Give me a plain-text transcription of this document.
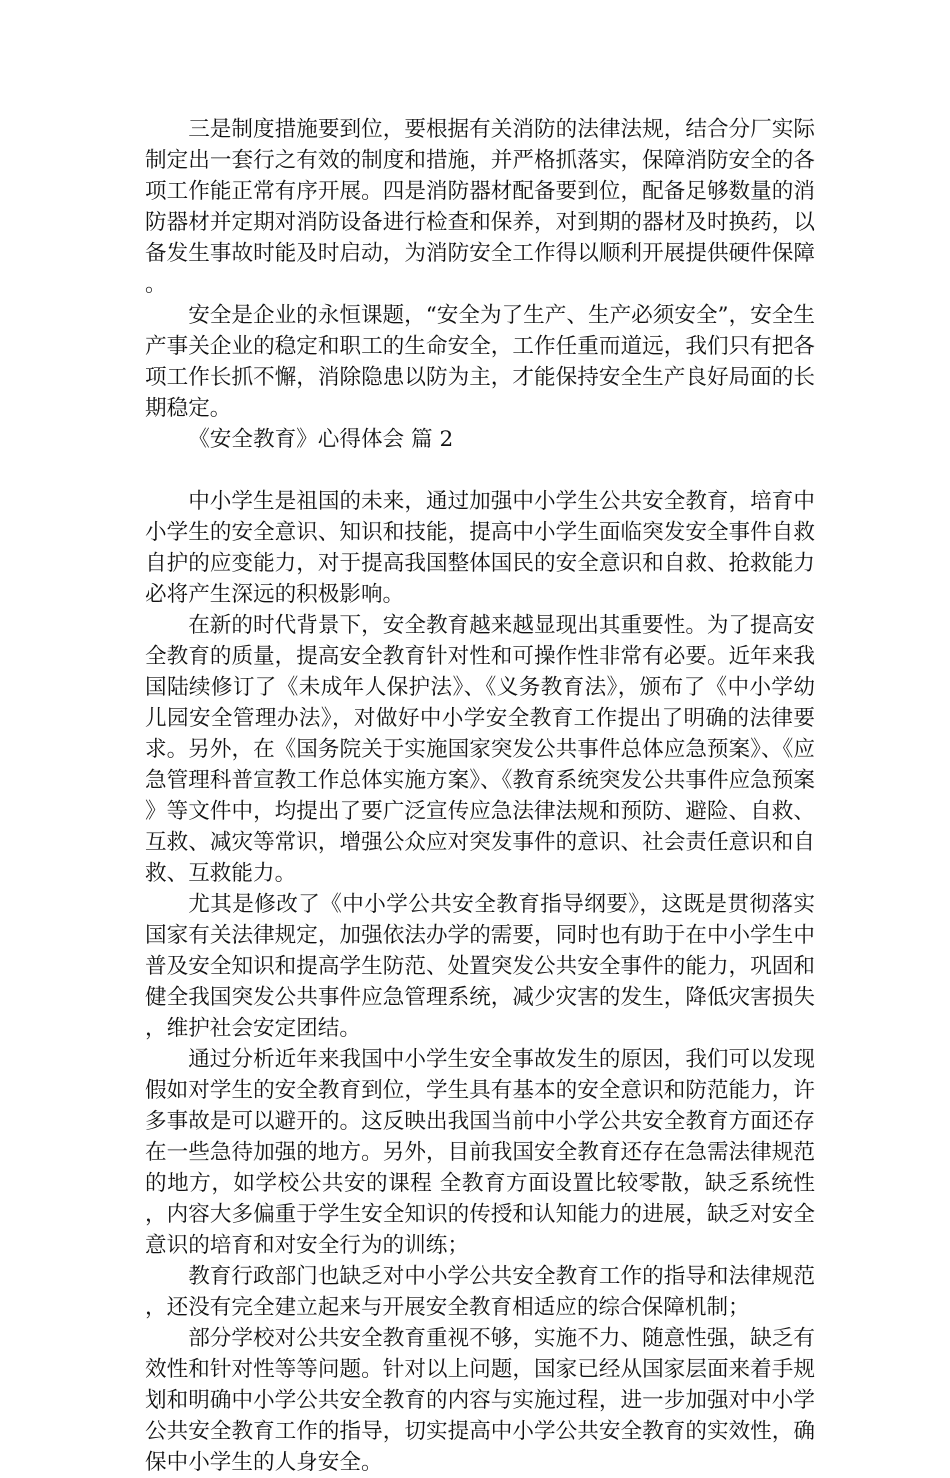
三是制度措施要到位，要根据有关消防的法律法规，结合分厂实际制定出一套行之有效的制度和措施，并严格抓落实，保障消防安全的各项工作能正常有序开展。四是消防器材配备要到位，配备足够数量的消防器材并定期对消防设备进行检查和保养，对到期的器材及时换药，以备发生事故时能及时启动，为消防安全工作得以顺利开展提供硬件保障。

安全是企业的永恒课题，“安全为了生产、生产必须安全”，安全生产事关企业的稳定和职工的生命安全，工作任重而道远，我们只有把各项工作长抓不懈，消除隐患以防为主，才能保持安全生产良好局面的长期稳定。

《安全教育》心得体会 篇 2

中小学生是祖国的未来，通过加强中小学生公共安全教育，培育中小学生的安全意识、知识和技能，提高中小学生面临突发安全事件自救自护的应变能力，对于提高我国整体国民的安全意识和自救、抢救能力必将产生深远的积极影响。

在新的时代背景下，安全教育越来越显现出其重要性。为了提高安全教育的质量，提高安全教育针对性和可操作性非常有必要。近年来我国陆续修订了《未成年人保护法》、《义务教育法》，颁布了《中小学幼儿园安全管理办法》，对做好中小学安全教育工作提出了明确的法律要求。另外，在《国务院关于实施国家突发公共事件总体应急预案》、《应急管理科普宣教工作总体实施方案》、《教育系统突发公共事件应急预案》等文件中，均提出了要广泛宣传应急法律法规和预防、避险、自救、互救、减灾等常识，增强公众应对突发事件的意识、社会责任意识和自救、互救能力。

尤其是修改了《中小学公共安全教育指导纲要》，这既是贯彻落实国家有关法律规定，加强依法办学的需要，同时也有助于在中小学生中普及安全知识和提高学生防范、处置突发公共安全事件的能力，巩固和健全我国突发公共事件应急管理系统，减少灾害的发生，降低灾害损失，维护社会安定团结。

通过分析近年来我国中小学生安全事故发生的原因，我们可以发现假如对学生的安全教育到位，学生具有基本的安全意识和防范能力，许多事故是可以避开的。这反映出我国当前中小学公共安全教育方面还存在一些急待加强的地方。另外，目前我国安全教育还存在急需法律规范的地方，如学校公共安的课程 全教育方面设置比较零散，缺乏系统性，内容大多偏重于学生安全知识的传授和认知能力的进展，缺乏对安全意识的培育和对安全行为的训练；

教育行政部门也缺乏对中小学公共安全教育工作的指导和法律规范，还没有完全建立起来与开展安全教育相适应的综合保障机制；

部分学校对公共安全教育重视不够，实施不力、随意性强，缺乏有效性和针对性等等问题。针对以上问题，国家已经从国家层面来着手规划和明确中小学公共安全教育的内容与实施过程，进一步加强对中小学公共安全教育工作的指导，切实提高中小学公共安全教育的实效性，确保中小学生的人身安全。
